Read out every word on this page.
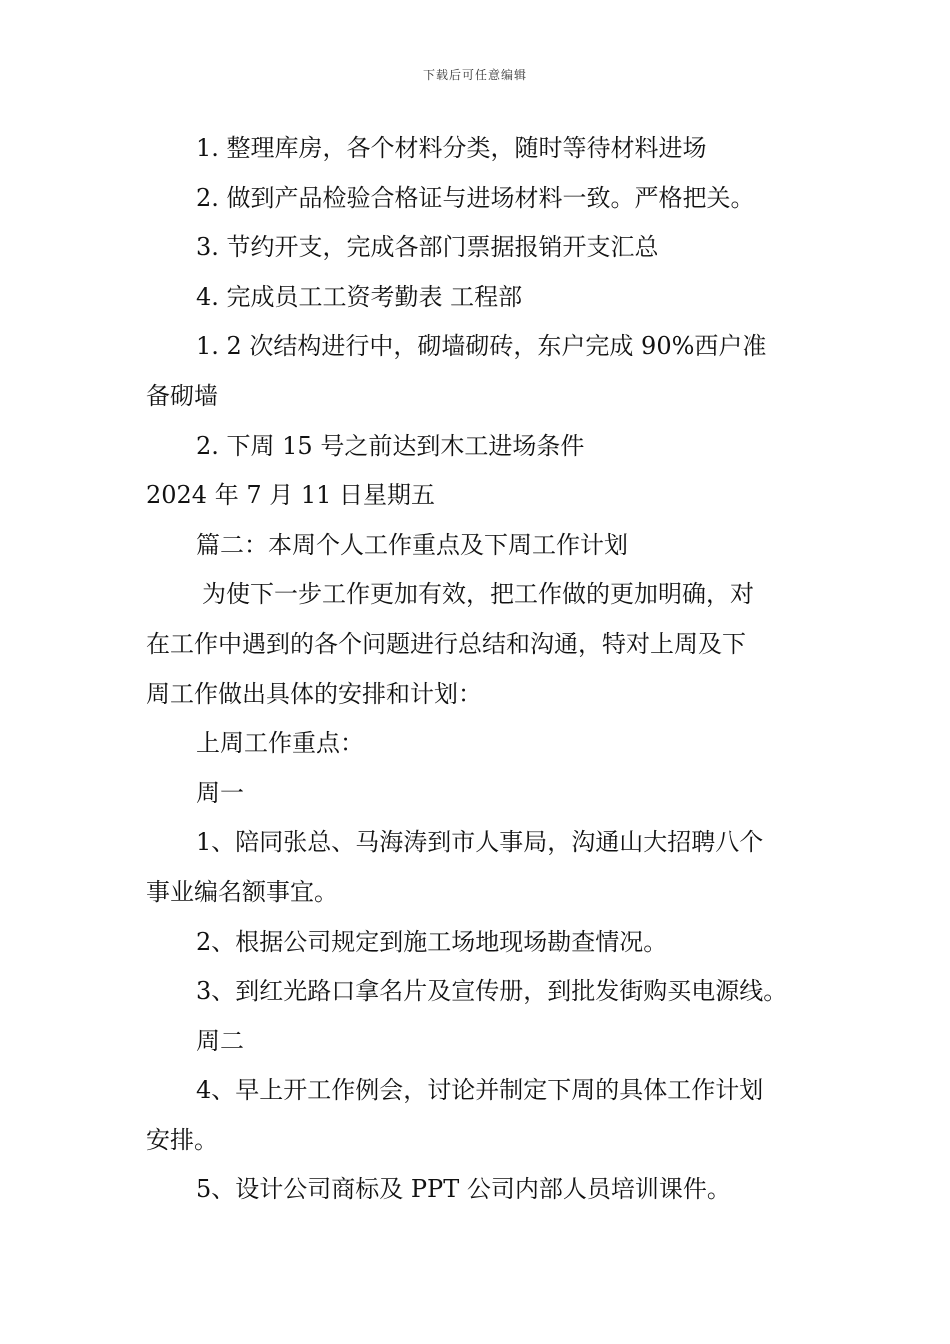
下载后可任意编辑
1. 整理库房，各个材料分类，随时等待材料进场
2. 做到产品检验合格证与进场材料一致。严格把关。
3. 节约开支，完成各部门票据报销开支汇总
4. 完成员工工资考勤表 工程部
1. 2 次结构进行中，砌墙砌砖，东户完成 90%西户准
备砌墙
2. 下周 15 号之前达到木工进场条件
2024 年 7 月 11 日星期五
篇二：本周个人工作重点及下周工作计划
为使下一步工作更加有效，把工作做的更加明确，对
在工作中遇到的各个问题进行总结和沟通，特对上周及下
周工作做出具体的安排和计划：
上周工作重点：
周一
1、陪同张总、马海涛到市人事局，沟通山大招聘八个
事业编名额事宜。
2、根据公司规定到施工场地现场勘查情况。
3、到红光路口拿名片及宣传册，到批发街购买电源线。
周二
4、早上开工作例会，讨论并制定下周的具体工作计划
安排。
5、设计公司商标及 PPT 公司内部人员培训课件。
